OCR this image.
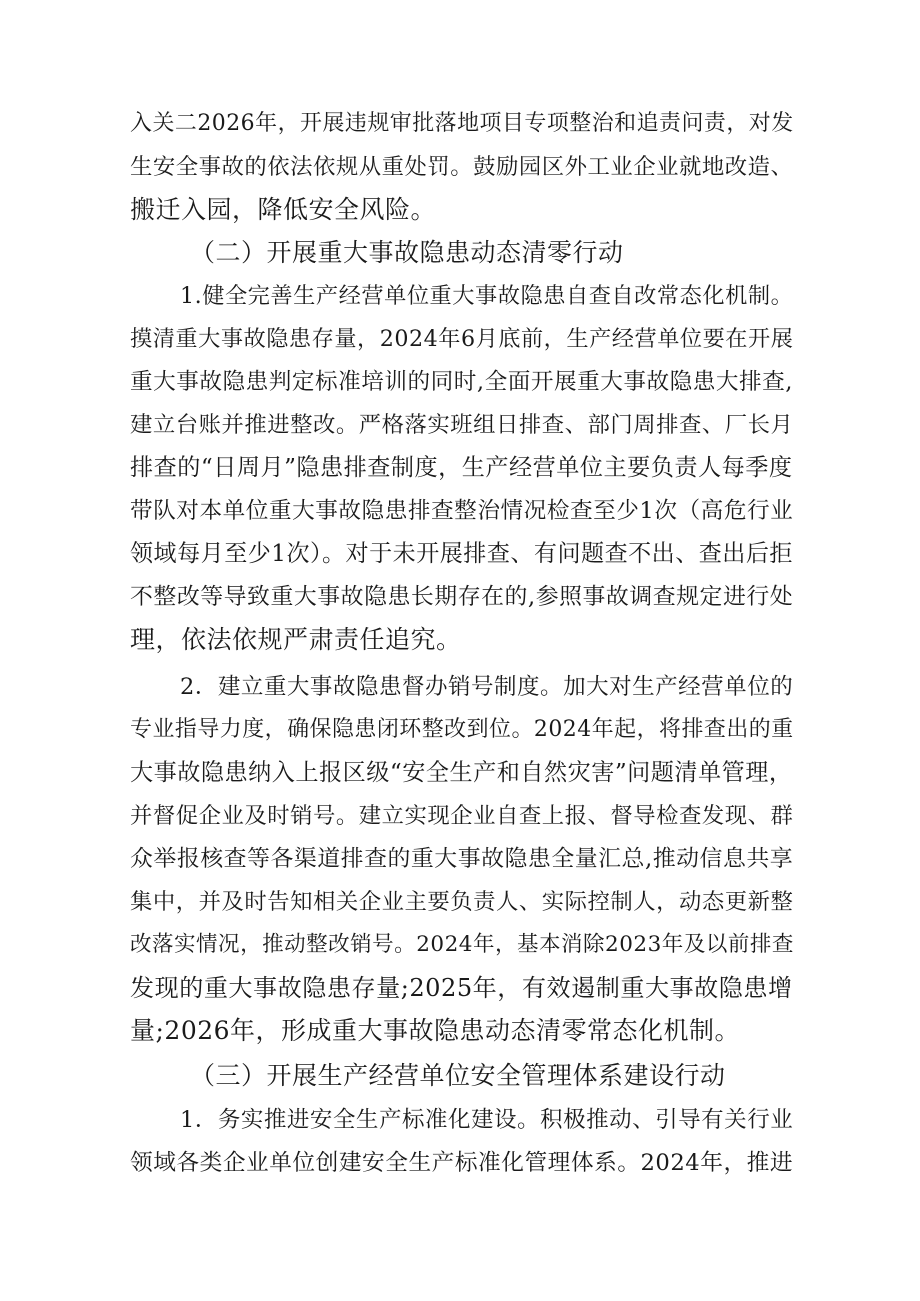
入关二2026年，开展违规审批落地项目专项整治和追责问责，对发
生安全事故的依法依规从重处罚。鼓励园区外工业企业就地改造、
搬迁入园，降低安全风险。
（二）开展重大事故隐患动态清零行动
1.健全完善生产经营单位重大事故隐患自查自改常态化机制。
摸清重大事故隐患存量，2024年6月底前，生产经营单位要在开展
重大事故隐患判定标准培训的同时,全面开展重大事故隐患大排查,
建立台账并推进整改。严格落实班组日排查、部门周排查、厂长月
排查的“日周月”隐患排查制度，生产经营单位主要负责人每季度
带队对本单位重大事故隐患排查整治情况检查至少1次（高危行业
领域每月至少1次）。对于未开展排查、有问题查不出、查出后拒
不整改等导致重大事故隐患长期存在的,参照事故调查规定进行处
理，依法依规严肃责任追究。
2．建立重大事故隐患督办销号制度。加大对生产经营单位的
专业指导力度，确保隐患闭环整改到位。2024年起，将排查出的重
大事故隐患纳入上报区级“安全生产和自然灾害”问题清单管理，
并督促企业及时销号。建立实现企业自查上报、督导检查发现、群
众举报核查等各渠道排查的重大事故隐患全量汇总,推动信息共享
集中，并及时告知相关企业主要负责人、实际控制人，动态更新整
改落实情况，推动整改销号。2024年，基本消除2023年及以前排查
发现的重大事故隐患存量;2025年，有效遏制重大事故隐患增
量;2026年，形成重大事故隐患动态清零常态化机制。
（三）开展生产经营单位安全管理体系建设行动
1．务实推进安全生产标准化建设。积极推动、引导有关行业
领域各类企业单位创建安全生产标准化管理体系。2024年，推进
